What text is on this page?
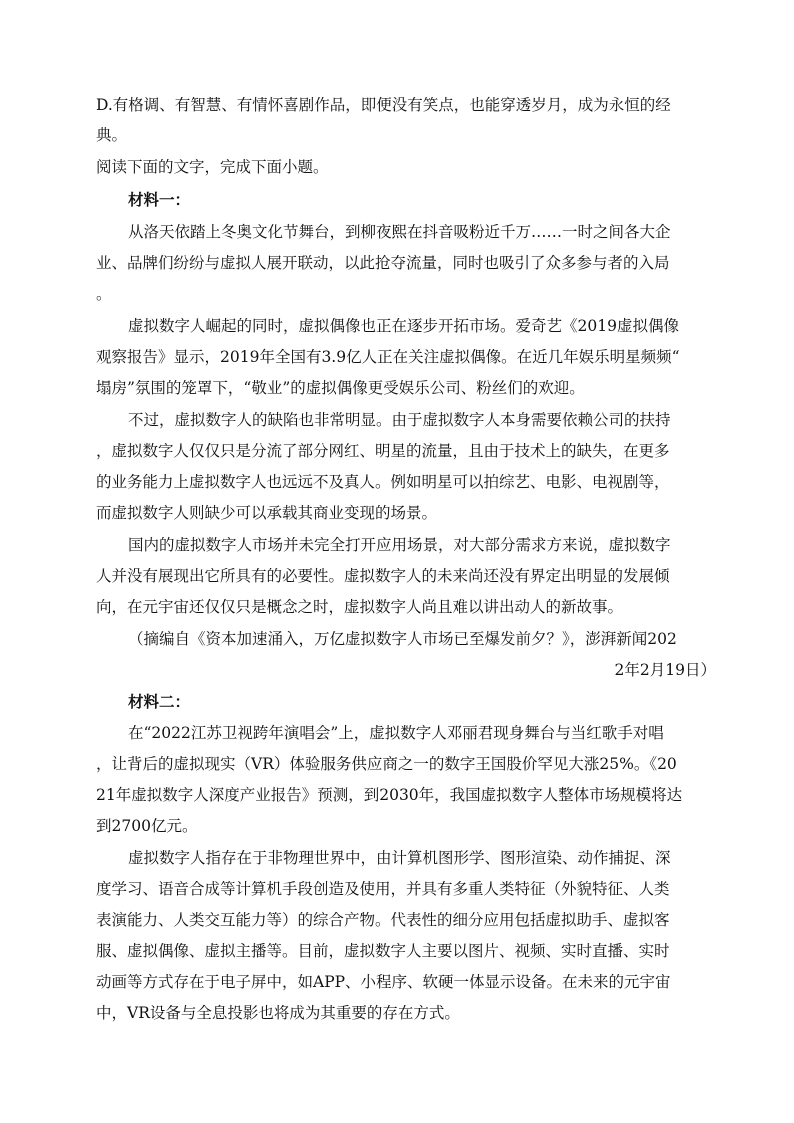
D.有格调、有智慧、有情怀喜剧作品，即便没有笑点，也能穿透岁月，成为永恒的经
典。
阅读下面的文字，完成下面小题。
材料一：
从洛天依踏上冬奥文化节舞台，到柳夜熙在抖音吸粉近千万……一时之间各大企
业、品牌们纷纷与虚拟人展开联动，以此抢夺流量，同时也吸引了众多参与者的入局
。
虚拟数字人崛起的同时，虚拟偶像也正在逐步开拓市场。爱奇艺《2019虚拟偶像
观察报告》显示，2019年全国有3.9亿人正在关注虚拟偶像。在近几年娱乐明星频频“
塌房”氛围的笼罩下，“敬业”的虚拟偶像更受娱乐公司、粉丝们的欢迎。
不过，虚拟数字人的缺陷也非常明显。由于虚拟数字人本身需要依赖公司的扶持
，虚拟数字人仅仅只是分流了部分网红、明星的流量，且由于技术上的缺失，在更多
的业务能力上虚拟数字人也远远不及真人。例如明星可以拍综艺、电影、电视剧等，
而虚拟数字人则缺少可以承载其商业变现的场景。
国内的虚拟数字人市场并未完全打开应用场景，对大部分需求方来说，虚拟数字
人并没有展现出它所具有的必要性。虚拟数字人的未来尚还没有界定出明显的发展倾
向，在元宇宙还仅仅只是概念之时，虚拟数字人尚且难以讲出动人的新故事。
（摘编自《资本加速涌入，万亿虚拟数字人市场已至爆发前夕？》，澎湃新闻202
2年2月19日）
材料二：
在“2022江苏卫视跨年演唱会”上，虚拟数字人邓丽君现身舞台与当红歌手对唱
，让背后的虚拟现实（VR）体验服务供应商之一的数字王国股价罕见大涨25%。《20
21年虚拟数字人深度产业报告》预测，到2030年，我国虚拟数字人整体市场规模将达
到2700亿元。
虚拟数字人指存在于非物理世界中，由计算机图形学、图形渲染、动作捕捉、深
度学习、语音合成等计算机手段创造及使用，并具有多重人类特征（外貌特征、人类
表演能力、人类交互能力等）的综合产物。代表性的细分应用包括虚拟助手、虚拟客
服、虚拟偶像、虚拟主播等。目前，虚拟数字人主要以图片、视频、实时直播、实时
动画等方式存在于电子屏中，如APP、小程序、软硬一体显示设备。在未来的元宇宙
中，VR设备与全息投影也将成为其重要的存在方式。
